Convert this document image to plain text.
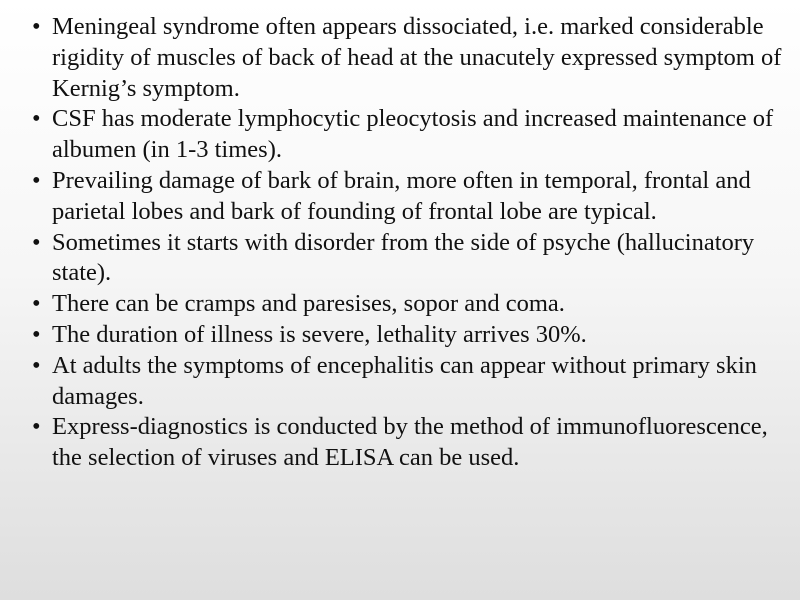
• Meningeal syndrome often appears dissociated, i.e. marked considerable rigidity of muscles of back of head at the unacutely expressed symptom of Kernig’s symptom.
• CSF has moderate lymphocytic pleocytosis and increased maintenance of albumen (in 1-3 times).
• Prevailing damage of bark of brain, more often in temporal, frontal and parietal lobes and bark of founding of frontal lobe are typical.
• Sometimes it starts with disorder from the side of psyche (hallucinatory state).
• There can be cramps and paresises, sopor and coma.
• The duration of illness is severe, lethality arrives 30%.
• At adults the symptoms of encephalitis can appear without primary skin damages.
• Express-diagnostics is conducted by the method of immunofluorescence, the selection of viruses and ELISA can be used.
